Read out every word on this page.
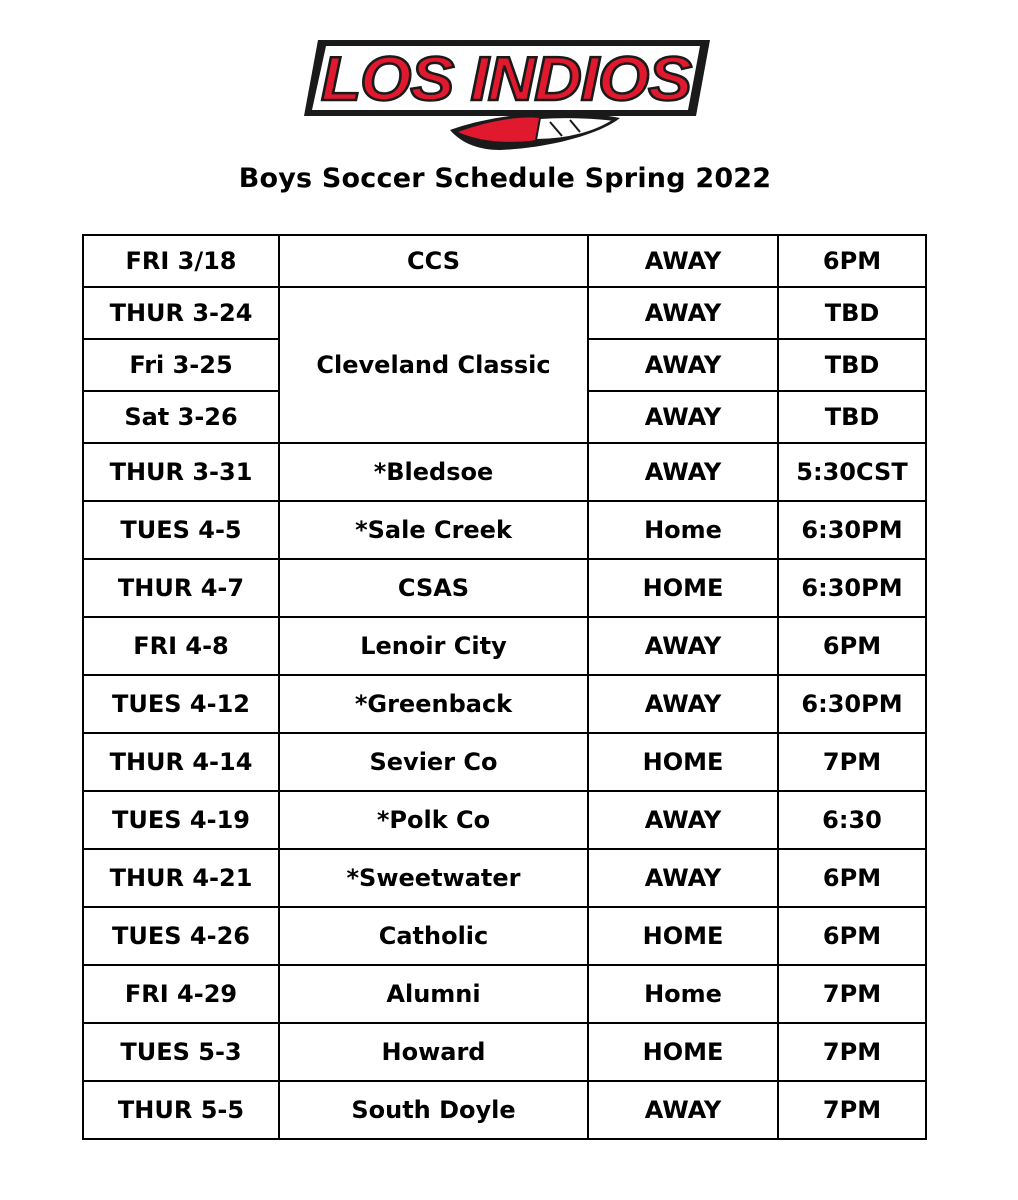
LOS INDIOS
Boys Soccer Schedule Spring 2022
FRI 3/18	CCS	AWAY	6PM
THUR 3-24	Cleveland Classic	AWAY	TBD
Fri 3-25		AWAY	TBD
Sat 3-26		AWAY	TBD
THUR 3-31	*Bledsoe	AWAY	5:30CST
TUES 4-5	*Sale Creek	Home	6:30PM
THUR 4-7	CSAS	HOME	6:30PM
FRI 4-8	Lenoir City	AWAY	6PM
TUES 4-12	*Greenback	AWAY	6:30PM
THUR 4-14	Sevier Co	HOME	7PM
TUES 4-19	*Polk Co	AWAY	6:30
THUR 4-21	*Sweetwater	AWAY	6PM
TUES 4-26	Catholic	HOME	6PM
FRI 4-29	Alumni	Home	7PM
TUES 5-3	Howard	HOME	7PM
THUR 5-5	South Doyle	AWAY	7PM
